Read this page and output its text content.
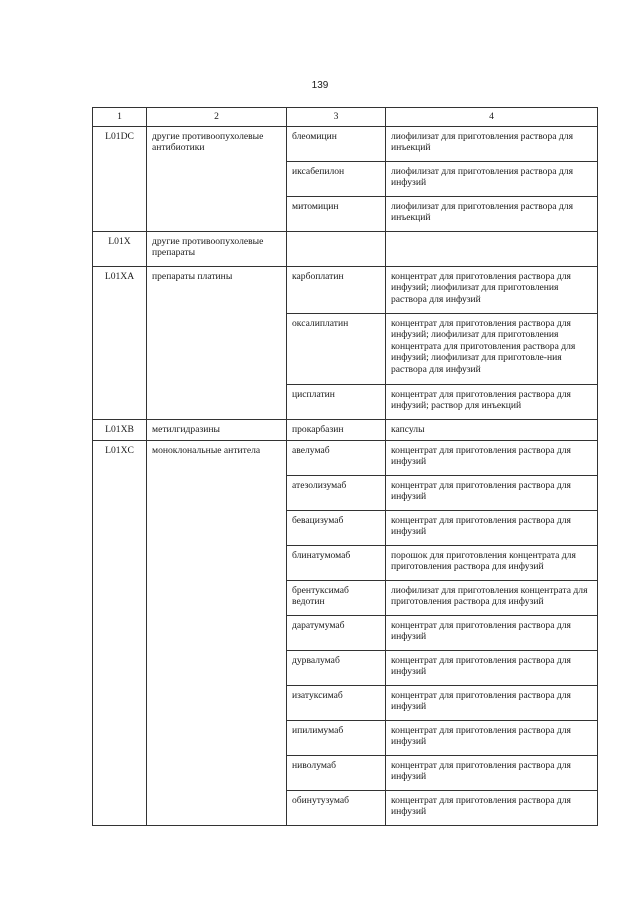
139
1	2	3	4
L01DC	другие противоопухолевые антибиотики	блеомицин	лиофилизат для приготовления раствора для инъекций
		иксабепилон	лиофилизат для приготовления раствора для инфузий
		митомицин	лиофилизат для приготовления раствора для инъекций
L01X	другие противоопухолевые препараты		
L01XA	препараты платины	карбоплатин	концентрат для приготовления раствора для инфузий; лиофилизат для приготовления раствора для инфузий
		оксалиплатин	концентрат для приготовления раствора для инфузий; лиофилизат для приготовления концентрата для приготовления раствора для инфузий; лиофилизат для приготовле-ния раствора для инфузий
		цисплатин	концентрат для приготовления раствора для инфузий; раствор для инъекций
L01XB	метилгидразины	прокарбазин	капсулы
L01XC	моноклональные антитела	авелумаб	концентрат для приготовления раствора для инфузий
		атезолизумаб	концентрат для приготовления раствора для инфузий
		бевацизумаб	концентрат для приготовления раствора для инфузий
		блинатумомаб	порошок для приготовления концентрата для приготовления раствора для инфузий
		брентуксимаб ведотин	лиофилизат для приготовления концентрата для приготовления раствора для инфузий
		даратумумаб	концентрат для приготовления раствора для инфузий
		дурвалумаб	концентрат для приготовления раствора для инфузий
		изатуксимаб	концентрат для приготовления раствора для инфузий
		ипилимумаб	концентрат для приготовления раствора для инфузий
		ниволумаб	концентрат для приготовления раствора для инфузий
		обинутузумаб	концентрат для приготовления раствора для инфузий
